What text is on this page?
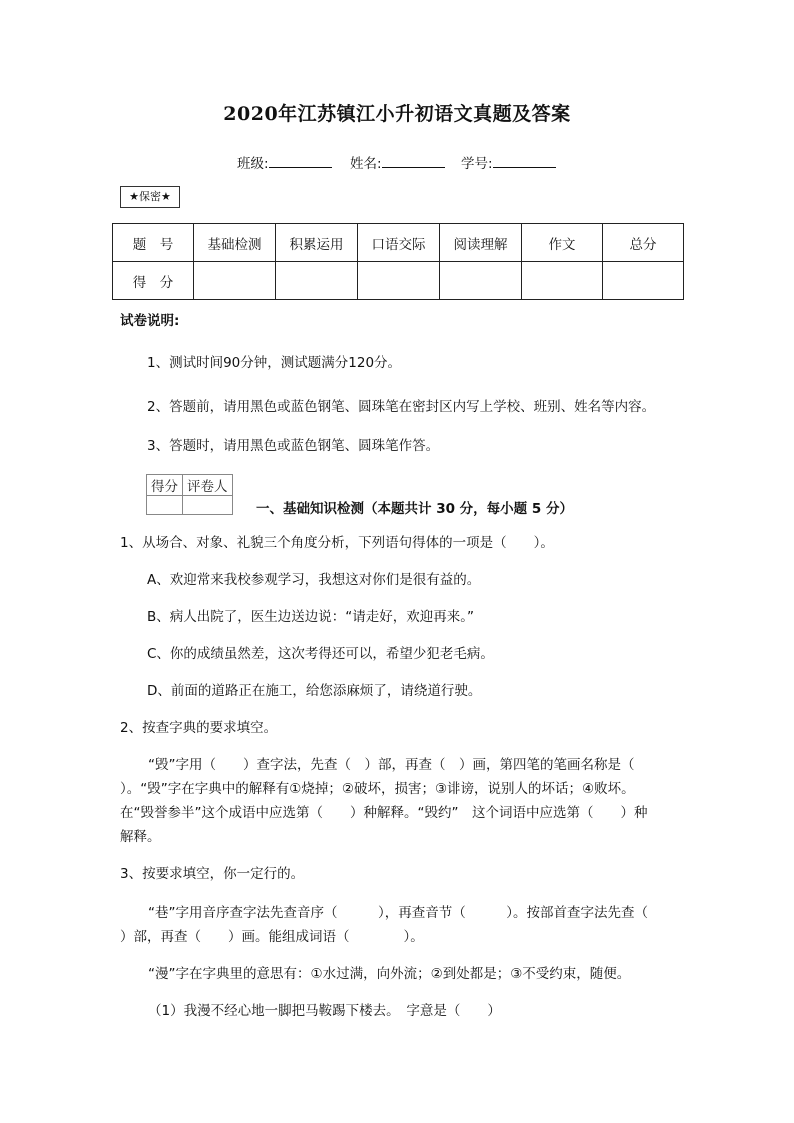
2020年江苏镇江小升初语文真题及答案
班级:	姓名:	学号:
★保密★
题　号	基础检测	积累运用	口语交际	阅读理解	作文	总分
得　分						
试卷说明:
1、测试时间90分钟，测试题满分120分。
2、答题前，请用黑色或蓝色钢笔、圆珠笔在密封区内写上学校、班别、姓名等内容。
3、答题时，请用黑色或蓝色钢笔、圆珠笔作答。
得分	评卷人

一、基础知识检测（本题共计 30 分，每小题 5 分）
1、从场合、对象、礼貌三个角度分析，下列语句得体的一项是（　　）。
A、欢迎常来我校参观学习，我想这对你们是很有益的。
B、病人出院了，医生边送边说：“请走好，欢迎再来。”
C、你的成绩虽然差，这次考得还可以，希望少犯老毛病。
D、前面的道路正在施工，给您添麻烦了，请绕道行驶。
2、按查字典的要求填空。
“毁”字用（　　）查字法，先查（　）部，再查（　）画，第四笔的笔画名称是（
）。“毁”字在字典中的解释有①烧掉；②破坏，损害；③诽谤，说别人的坏话；④败坏。
在“毁誉参半”这个成语中应选第（　　）种解释。“毁约”　这个词语中应选第（　　）种
解释。
3、按要求填空，你一定行的。
“巷”字用音序查字法先查音序（　　　），再查音节（　　　）。按部首查字法先查（
）部，再查（　　）画。能组成词语（　　　　）。
“漫”字在字典里的意思有：①水过满，向外流；②到处都是；③不受约束，随便。
（1）我漫不经心地一脚把马鞍踢下楼去。　字意是（　　）
